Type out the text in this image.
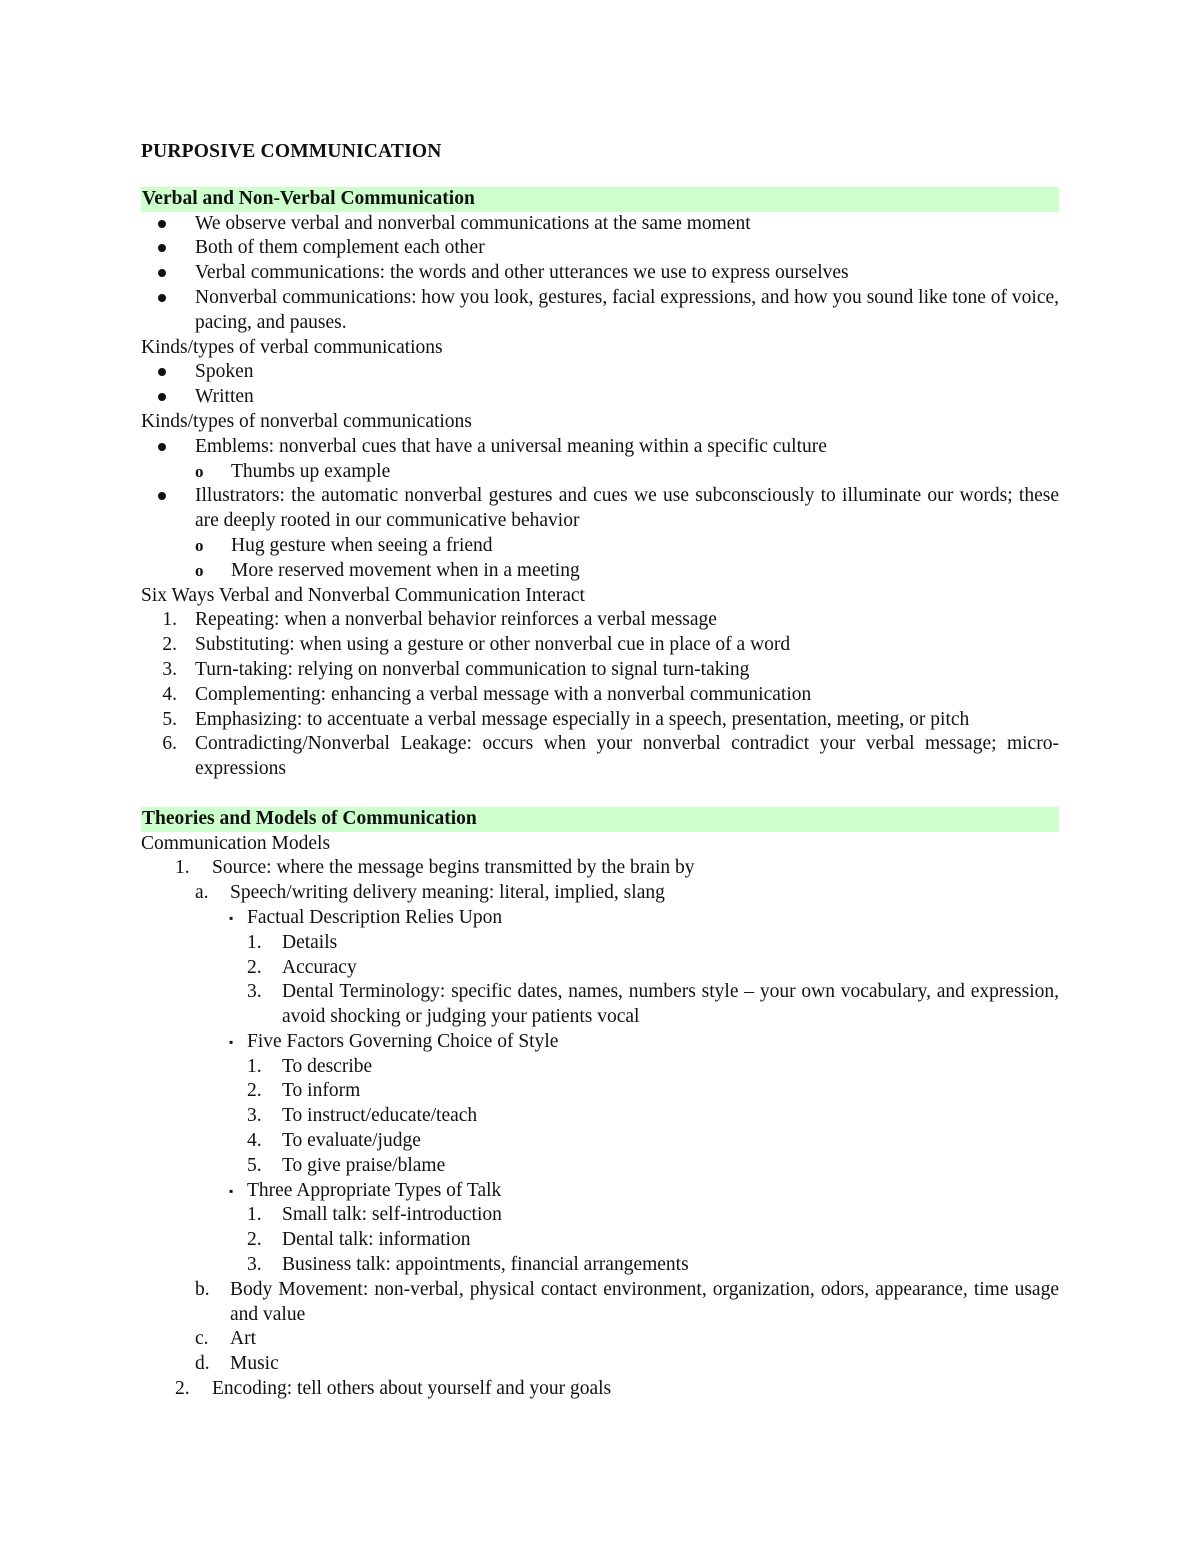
PURPOSIVE COMMUNICATION
Verbal and Non-Verbal Communication
We observe verbal and nonverbal communications at the same moment
Both of them complement each other
Verbal communications: the words and other utterances we use to express ourselves
Nonverbal communications: how you look, gestures, facial expressions, and how you sound like tone of voice, pacing, and pauses.
Kinds/types of verbal communications
Spoken
Written
Kinds/types of nonverbal communications
Emblems: nonverbal cues that have a universal meaning within a specific culture
o	Thumbs up example
Illustrators: the automatic nonverbal gestures and cues we use subconsciously to illuminate our words; these are deeply rooted in our communicative behavior
o	Hug gesture when seeing a friend
o	More reserved movement when in a meeting
Six Ways Verbal and Nonverbal Communication Interact
1. Repeating: when a nonverbal behavior reinforces a verbal message
2. Substituting: when using a gesture or other nonverbal cue in place of a word
3. Turn-taking: relying on nonverbal communication to signal turn-taking
4. Complementing: enhancing a verbal message with a nonverbal communication
5. Emphasizing: to accentuate a verbal message especially in a speech, presentation, meeting, or pitch
6. Contradicting/Nonverbal Leakage: occurs when your nonverbal contradict your verbal message; micro-expressions
Theories and Models of Communication
Communication Models
1.	Source: where the message begins transmitted by the brain by
a.	Speech/writing delivery meaning: literal, implied, slang
▪ Factual Description Relies Upon
1.	Details
2.	Accuracy
3.	Dental Terminology: specific dates, names, numbers style – your own vocabulary, and expression, avoid shocking or judging your patients vocal
▪ Five Factors Governing Choice of Style
1.	To describe
2.	To inform
3.	To instruct/educate/teach
4.	To evaluate/judge
5.	To give praise/blame
▪ Three Appropriate Types of Talk
1.	Small talk: self-introduction
2.	Dental talk: information
3.	Business talk: appointments, financial arrangements
b.	Body Movement: non-verbal, physical contact environment, organization, odors, appearance, time usage and value
c.	Art
d.	Music
2.	Encoding: tell others about yourself and your goals
